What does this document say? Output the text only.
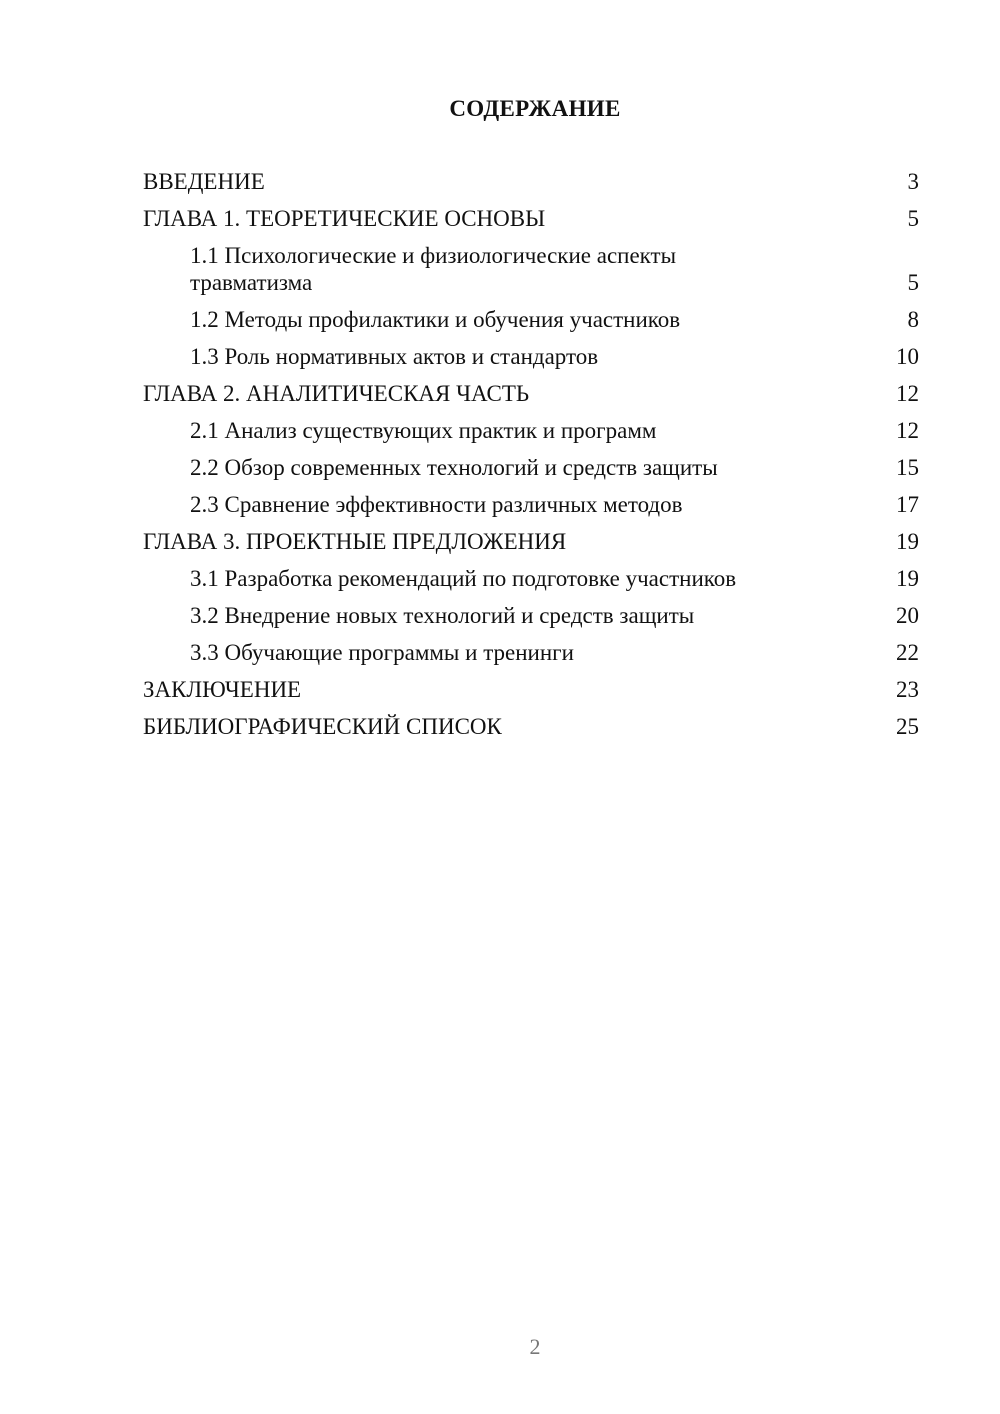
СОДЕРЖАНИЕ
ВВЕДЕНИЕ	3
ГЛАВА 1. ТЕОРЕТИЧЕСКИЕ ОСНОВЫ	5
1.1 Психологические и физиологические аспекты травматизма	5
1.2 Методы профилактики и обучения участников	8
1.3 Роль нормативных актов и стандартов	10
ГЛАВА 2. АНАЛИТИЧЕСКАЯ ЧАСТЬ	12
2.1 Анализ существующих практик и программ	12
2.2 Обзор современных технологий и средств защиты	15
2.3 Сравнение эффективности различных методов	17
ГЛАВА 3. ПРОЕКТНЫЕ ПРЕДЛОЖЕНИЯ	19
3.1 Разработка рекомендаций по подготовке участников	19
3.2 Внедрение новых технологий и средств защиты	20
3.3 Обучающие программы и тренинги	22
ЗАКЛЮЧЕНИЕ	23
БИБЛИОГРАФИЧЕСКИЙ СПИСОК	25
2
